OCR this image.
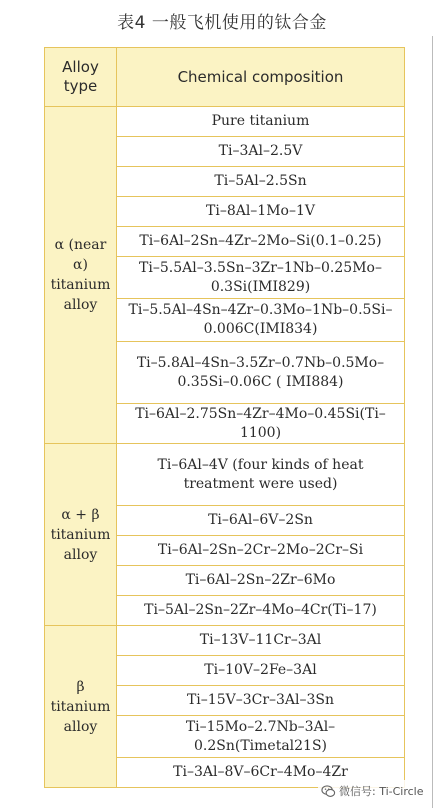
表4 一般飞机使用的钛合金
Alloy type	Chemical composition
α (near α) titanium alloy	Pure titanium
	Ti–3Al–2.5V
	Ti–5Al–2.5Sn
	Ti–8Al–1Mo–1V
	Ti–6Al–2Sn–4Zr–2Mo–Si(0.1–0.25)
	Ti–5.5Al–3.5Sn–3Zr–1Nb–0.25Mo–0.3Si(IMI829)
	Ti–5.5Al–4Sn–4Zr–0.3Mo–1Nb–0.5Si–0.006C(IMI834)
	Ti–5.8Al–4Sn–3.5Zr–0.7Nb–0.5Mo–0.35Si–0.06C ( IMI884)
	Ti–6Al–2.75Sn–4Zr–4Mo–0.45Si(Ti–1100)
α + β titanium alloy	Ti–6Al–4V (four kinds of heat treatment were used)
	Ti–6Al–6V–2Sn
	Ti–6Al–2Sn–2Cr–2Mo–2Cr–Si
	Ti–6Al–2Sn–2Zr–6Mo
	Ti–5Al–2Sn–2Zr–4Mo–4Cr(Ti–17)
β titanium alloy	Ti–13V–11Cr–3Al
	Ti–10V–2Fe–3Al
	Ti–15V–3Cr–3Al–3Sn
	Ti–15Mo–2.7Nb–3Al–0.2Sn(Timetal21S)
	Ti–3Al–8V–6Cr–4Mo–4Zr
微信号: Ti-Circle
